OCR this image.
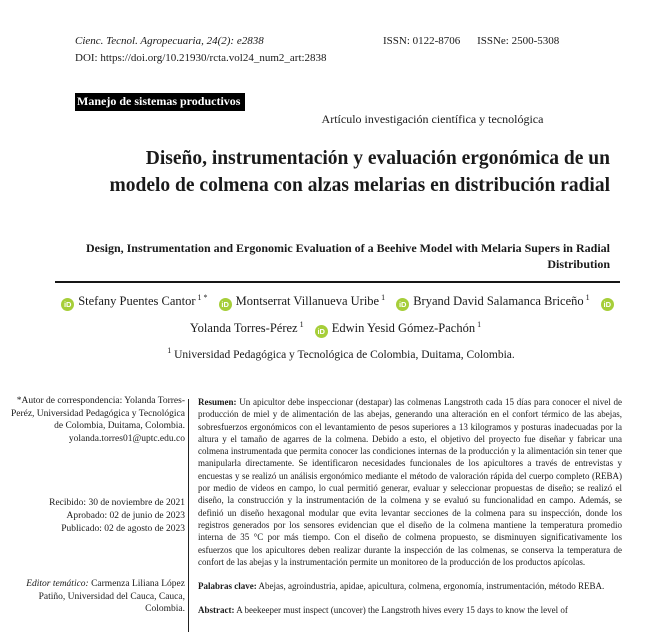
Cienc. Tecnol. Agropecuaria, 24(2): e2838
DOI: https://doi.org/10.21930/rcta.vol24_num2_art:2838
ISSN: 0122-8706 ISSNe: 2500-5308
Manejo de sistemas productivos
Artículo investigación científica y tecnológica
Diseño, instrumentación y evaluación ergonómica de un modelo de colmena con alzas melarias en distribución radial
Design, Instrumentation and Ergonomic Evaluation of a Beehive Model with Melaria Supers in Radial Distribution
iD Stefany Puentes Cantor $^{1 *}$ iD Montserrat Villanueva Uribe $^1$ iD Bryand David Salamanca Briceño $^1$ iDYolanda Torres-Pérez $^1$ iD Edwin Yesid Gómez-Pachón $^1$
$^1$ Universidad Pedagógica y Tecnológica de Colombia, Duitama, Colombia.

*Autor de correspondencia: Yolanda Torres-Peréz, Universidad Pedagógica y Tecnológica de Colombia, Duitama, Colombia. yolanda.torres01@uptc.edu.co

Recibido: 30 de noviembre de 2021
Aprobado: 02 de junio de 2023
Publicado: 02 de agosto de 2023

Editor temático: Carmenza Liliana López Patiño, Universidad del Cauca, Cauca, Colombia.

Resumen: Un apicultor debe inspeccionar (destapar) las colmenas Langstroth cada 15 días para conocer el nivel de producción de miel y de alimentación de las abejas, generando una alteración en el confort térmico de las abejas, sobresfuerzos ergonómicos con el levantamiento de pesos superiores a 13 kilogramos y posturas inadecuadas por la altura y el tamaño de agarres de la colmena. Debido a esto, el objetivo del proyecto fue diseñar y fabricar una colmena instrumentada que permita conocer las condiciones internas de la producción y la alimentación sin tener que manipularla directamente. Se identificaron necesidades funcionales de los apicultores a través de entrevistas y encuestas y se realizó un análisis ergonómico mediante el método de valoración rápida del cuerpo completo (REBA) por medio de videos en campo, lo cual permitió generar, evaluar y seleccionar propuestas de diseño; se realizó el diseño, la construcción y la instrumentación de la colmena y se evaluó su funcionalidad en campo. Además, se definió un diseño hexagonal modular que evita levantar secciones de la colmena para su inspección, donde los registros generados por los sensores evidencian que el diseño de la colmena mantiene la temperatura promedio interna de 35 °C por más tiempo. Con el diseño de colmena propuesto, se disminuyen significativamente los esfuerzos que los apicultores deben realizar durante la inspección de las colmenas, se conserva la temperatura de confort de las abejas y la instrumentación permite un monitoreo de la producción de los productos apícolas.

Palabras clave: Abejas, agroindustria, apidae, apicultura, colmena, ergonomía, instrumentación, método REBA.

Abstract: A beekeeper must inspect (uncover) the Langstroth hives every 15 days to know the level of
